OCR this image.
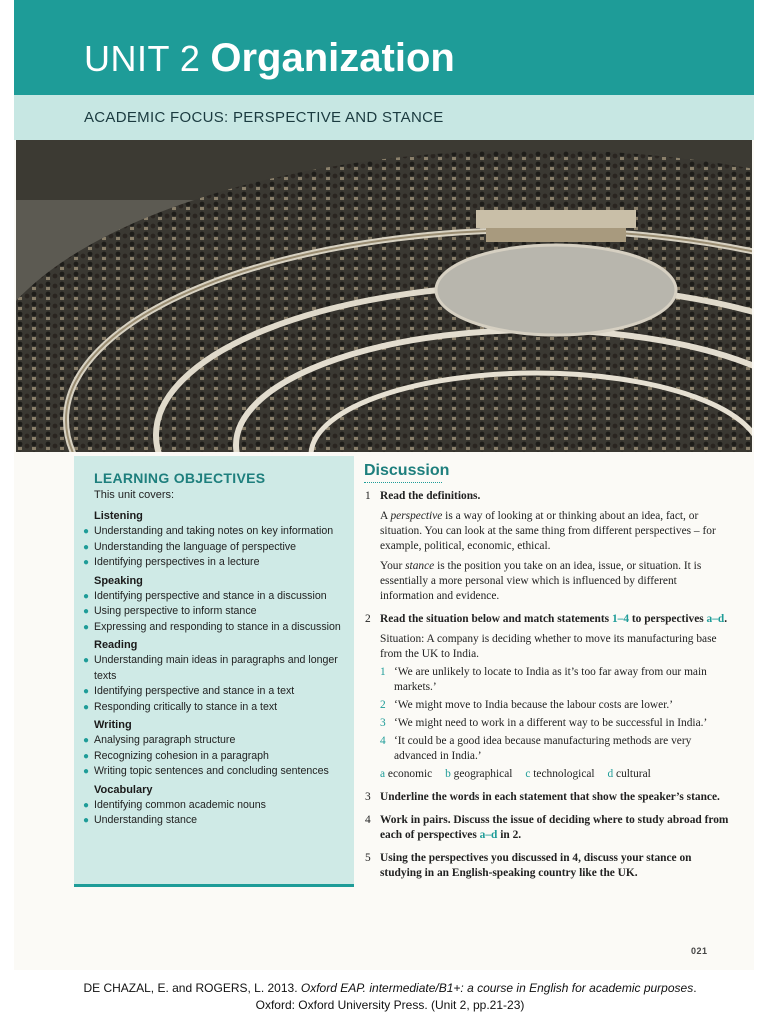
UNIT 2 Organization
ACADEMIC FOCUS: PERSPECTIVE AND STANCE
LEARNING OBJECTIVES
This unit covers:
Listening
● Understanding and taking notes on key information
● Understanding the language of perspective
● Identifying perspectives in a lecture
Speaking
● Identifying perspective and stance in a discussion
● Using perspective to inform stance
● Expressing and responding to stance in a discussion
Reading
● Understanding main ideas in paragraphs and longer texts
● Identifying perspective and stance in a text
● Responding critically to stance in a text
Writing
● Analysing paragraph structure
● Recognizing cohesion in a paragraph
● Writing topic sentences and concluding sentences
Vocabulary
● Identifying common academic nouns
● Understanding stance
Discussion
1 Read the definitions.
A perspective is a way of looking at or thinking about an idea, fact, or situation. You can look at the same thing from different perspectives – for example, political, economic, ethical.
Your stance is the position you take on an idea, issue, or situation. It is essentially a more personal view which is influenced by different information and evidence.
2 Read the situation below and match statements 1–4 to perspectives a–d.
Situation: A company is deciding whether to move its manufacturing base from the UK to India.
1 ‘We are unlikely to locate to India as it’s too far away from our main markets.’
2 ‘We might move to India because the labour costs are lower.’
3 ‘We might need to work in a different way to be successful in India.’
4 ‘It could be a good idea because manufacturing methods are very advanced in India.’
a economic b geographical c technological d cultural
3 Underline the words in each statement that show the speaker’s stance.
4 Work in pairs. Discuss the issue of deciding where to study abroad from each of perspectives a–d in 2.
5 Using the perspectives you discussed in 4, discuss your stance on studying in an English-speaking country like the UK.
021
DE CHAZAL, E. and ROGERS, L. 2013. Oxford EAP. intermediate/B1+: a course in English for academic purposes. Oxford: Oxford University Press. (Unit 2, pp.21-23)
